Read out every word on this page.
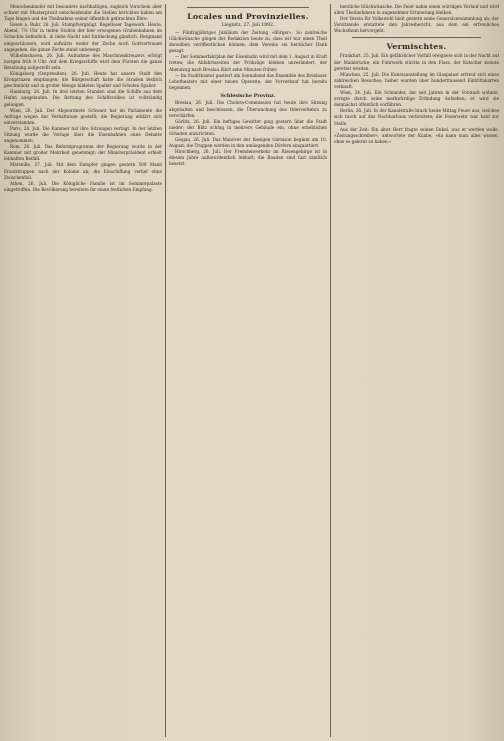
Menschenkinder mit besonders nachhaltigen, zugleich Vorschein aber schwer mit Musterprosit entscheidender die Stellen berichten haben am Tage hingen und die Theilnahme seiner öffentlich gebrachten Ehre.

Essen a. Ruhr, 26. Juli. Stampfvergnügt. Regelloser Tagewerk. Heute, Abend, 7½ Uhr in tiefen Stollen der hier erwogenen Grubenbahnen im Schachte befindlich, in liebe Nacht und Entdeckung gänzlich, Bergmann eingeschlossen, wird aufwärts weder der Zeche noch Gottvertrauen angegeben, die ganze Zeche stand unbewegt.

Wilhelmshaven, 26. Juli. Aufnahme des Maschinenkreuzers erfolgt morgen früh 9 Uhr. Auf dem Kriegsschiffe wird dem Fürsten die ganze Besatzung aufgestellt sein.

Königsberg (Ostpreußen), 26. Juli. Heute hat unsere Stadt den Kronprinzen empfangen; die Bürgerschaft hatte die Straßen festlich geschmückt und in großer Menge bildeten Spalier und Schulen Spalier.

Hamburg, 26. Juli. In drei letzten Stunden sind die Schiffe aus dem Hafen ausgelaufen. Die Rettung des Schiffsvolkes ist vollständig gelungen.

Wien, 26. Juli. Der Abgeordnete Schwarz hat im Parlamente die Anfrage wegen der Verhältnisse gestellt; die Regierung erklärt sich einverstanden.

Paris, 26. Juli. Die Kammer hat ihre Sitzungen vertagt. In der letzten Sitzung wurde die Vorlage über die Eisenbahnen ohne Debatte angenommen.

Rom, 26. Juli. Das Reformprogramm der Regierung wurde in der Kammer mit großer Mehrheit genehmigt; der Ministerpräsident erhielt lebhaften Beifall.

Marseille, 27. Juli. Mit dem Dampfer gingen gestern 500 Mann Ersatztruppen nach der Kolonie ab; die Einschiffung verlief ohne Zwischenfall.

Athen, 26. Juli. Die Königliche Familie ist im Sommerpalaste eingetroffen. Die Bevölkerung bereitete ihr einen festlichen Empfang.

Locales und Provinzielles.
Liegnitz, 27. Juli 1892.

— Fünfzigjähriges Jubiläum der Zeitung »Bürger«. So zahlreiche Glückwünsche gingen der Redaktion heute zu, dass wir nur einen Theil derselben veröffentlichen können; dem Vereine sei herzlicher Dank gesagt.

— Der Sommerfahrplan der Eisenbahn wird mit dem 1. August in Kraft treten; die Abfahrtszeiten der Frühzüge bleiben unverändert, der Abendzug nach Breslau fährt zehn Minuten früher.

— Im Stadttheater gastiert am Sonnabend das Ensemble des Breslauer Lobetheaters mit einer neuen Operette; der Vorverkauf hat bereits begonnen.

Schlesische Provinz.

Breslau, 26. Juli. Die Cholera-Commission hat heute ihre Sitzung abgehalten und beschlossen, die Überwachung des Oderverkehrs zu verschärfen.

Görlitz, 26. Juli. Ein heftiges Gewitter ging gestern über die Stadt nieder; der Blitz schlug in mehrere Gebäude ein, ohne erheblichen Schaden anzurichten.

Glogau, 26. Juli. Das Manöver der hiesigen Garnison beginnt am 10. August; die Truppen werden in den umliegenden Dörfern einquartiert.

Hirschberg, 26. Juli. Der Fremdenverkehr im Riesengebirge ist in diesem Jahre außerordentlich lebhaft; die Bauden sind fast sämtlich besetzt.

herzliche Glückwünsche. Die Feier nahm einen würdigen Verlauf und wird allen Theilnehmern in angenehmer Erinnerung bleiben.

Der Verein für Volkswohl hielt gestern seine Generalversammlung ab; der Vorsitzende erstattete den Jahresbericht, aus dem ein erfreuliches Wachsthum hervorgeht.

Vermischtes.

Frankfurt, 25. Juli. Ein gefährlicher Vorfall ereignete sich in der Nacht auf der Mainbrücke; ein Fuhrwerk stürzte in den Fluss, der Kutscher konnte gerettet werden.

München, 25. Juli. Die Kunstausstellung im Glaspalast erfreut sich eines zahlreichen Besuches; bisher wurden über hunderttausend Eintrittskarten verkauft.

Wien, 24. Juli. Ein Schneider, der seit Jahren in der Vorstadt wohnte, erregte durch seine merkwürdige Erfindung Aufsehen; er wird sie demnächst öffentlich vorführen.

Berlin, 26. Juli. In der Kanalstraße brach heute Mittag Feuer aus, welches sich rasch auf das Nachbarhaus verbreitete; die Feuerwehr war bald zur Stelle.

Aus der Zeit: Ein alter Herr fragte seinen Enkel, was er werden wolle. »Zeitungsschreiber«, antwortete der Knabe, »da kann man alles wissen, ohne es gelernt zu haben.«
